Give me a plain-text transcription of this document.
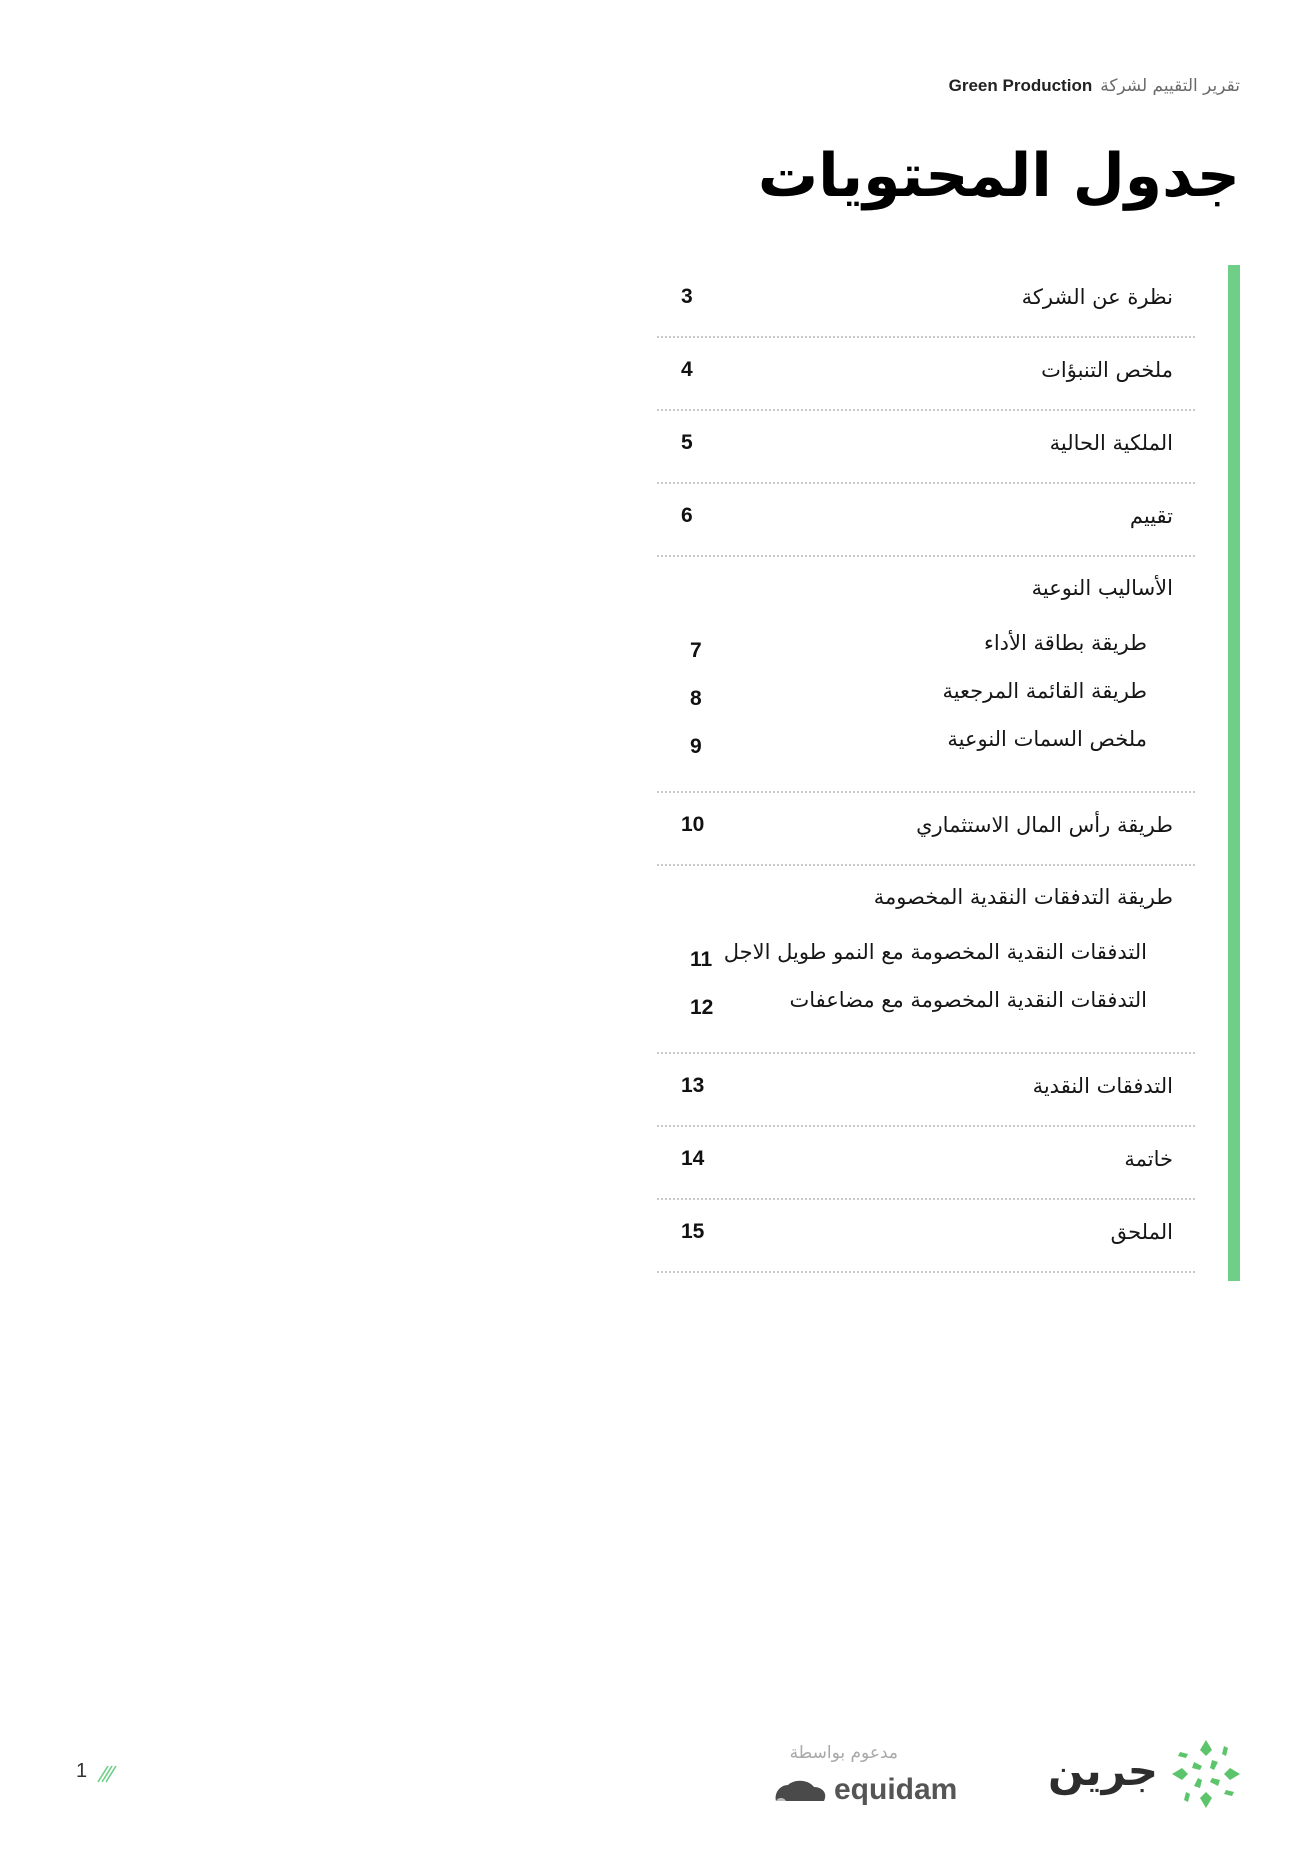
تقرير التقييم لشركة
Green Production
جدول المحتويات
نظرة عن الشركة
3
ملخص التنبؤات
4
الملكية الحالية
5
تقييم
6
الأساليب النوعية
طريقة بطاقة الأداء
7
طريقة القائمة المرجعية
8
ملخص السمات النوعية
9
طريقة رأس المال الاستثماري
10
طريقة التدفقات النقدية المخصومة
التدفقات النقدية المخصومة مع النمو طويل الاجل
11
التدفقات النقدية المخصومة مع مضاعفات
12
التدفقات النقدية
13
خاتمة
14
الملحق
15
جرين
مدعوم بواسطة
equidam
1
